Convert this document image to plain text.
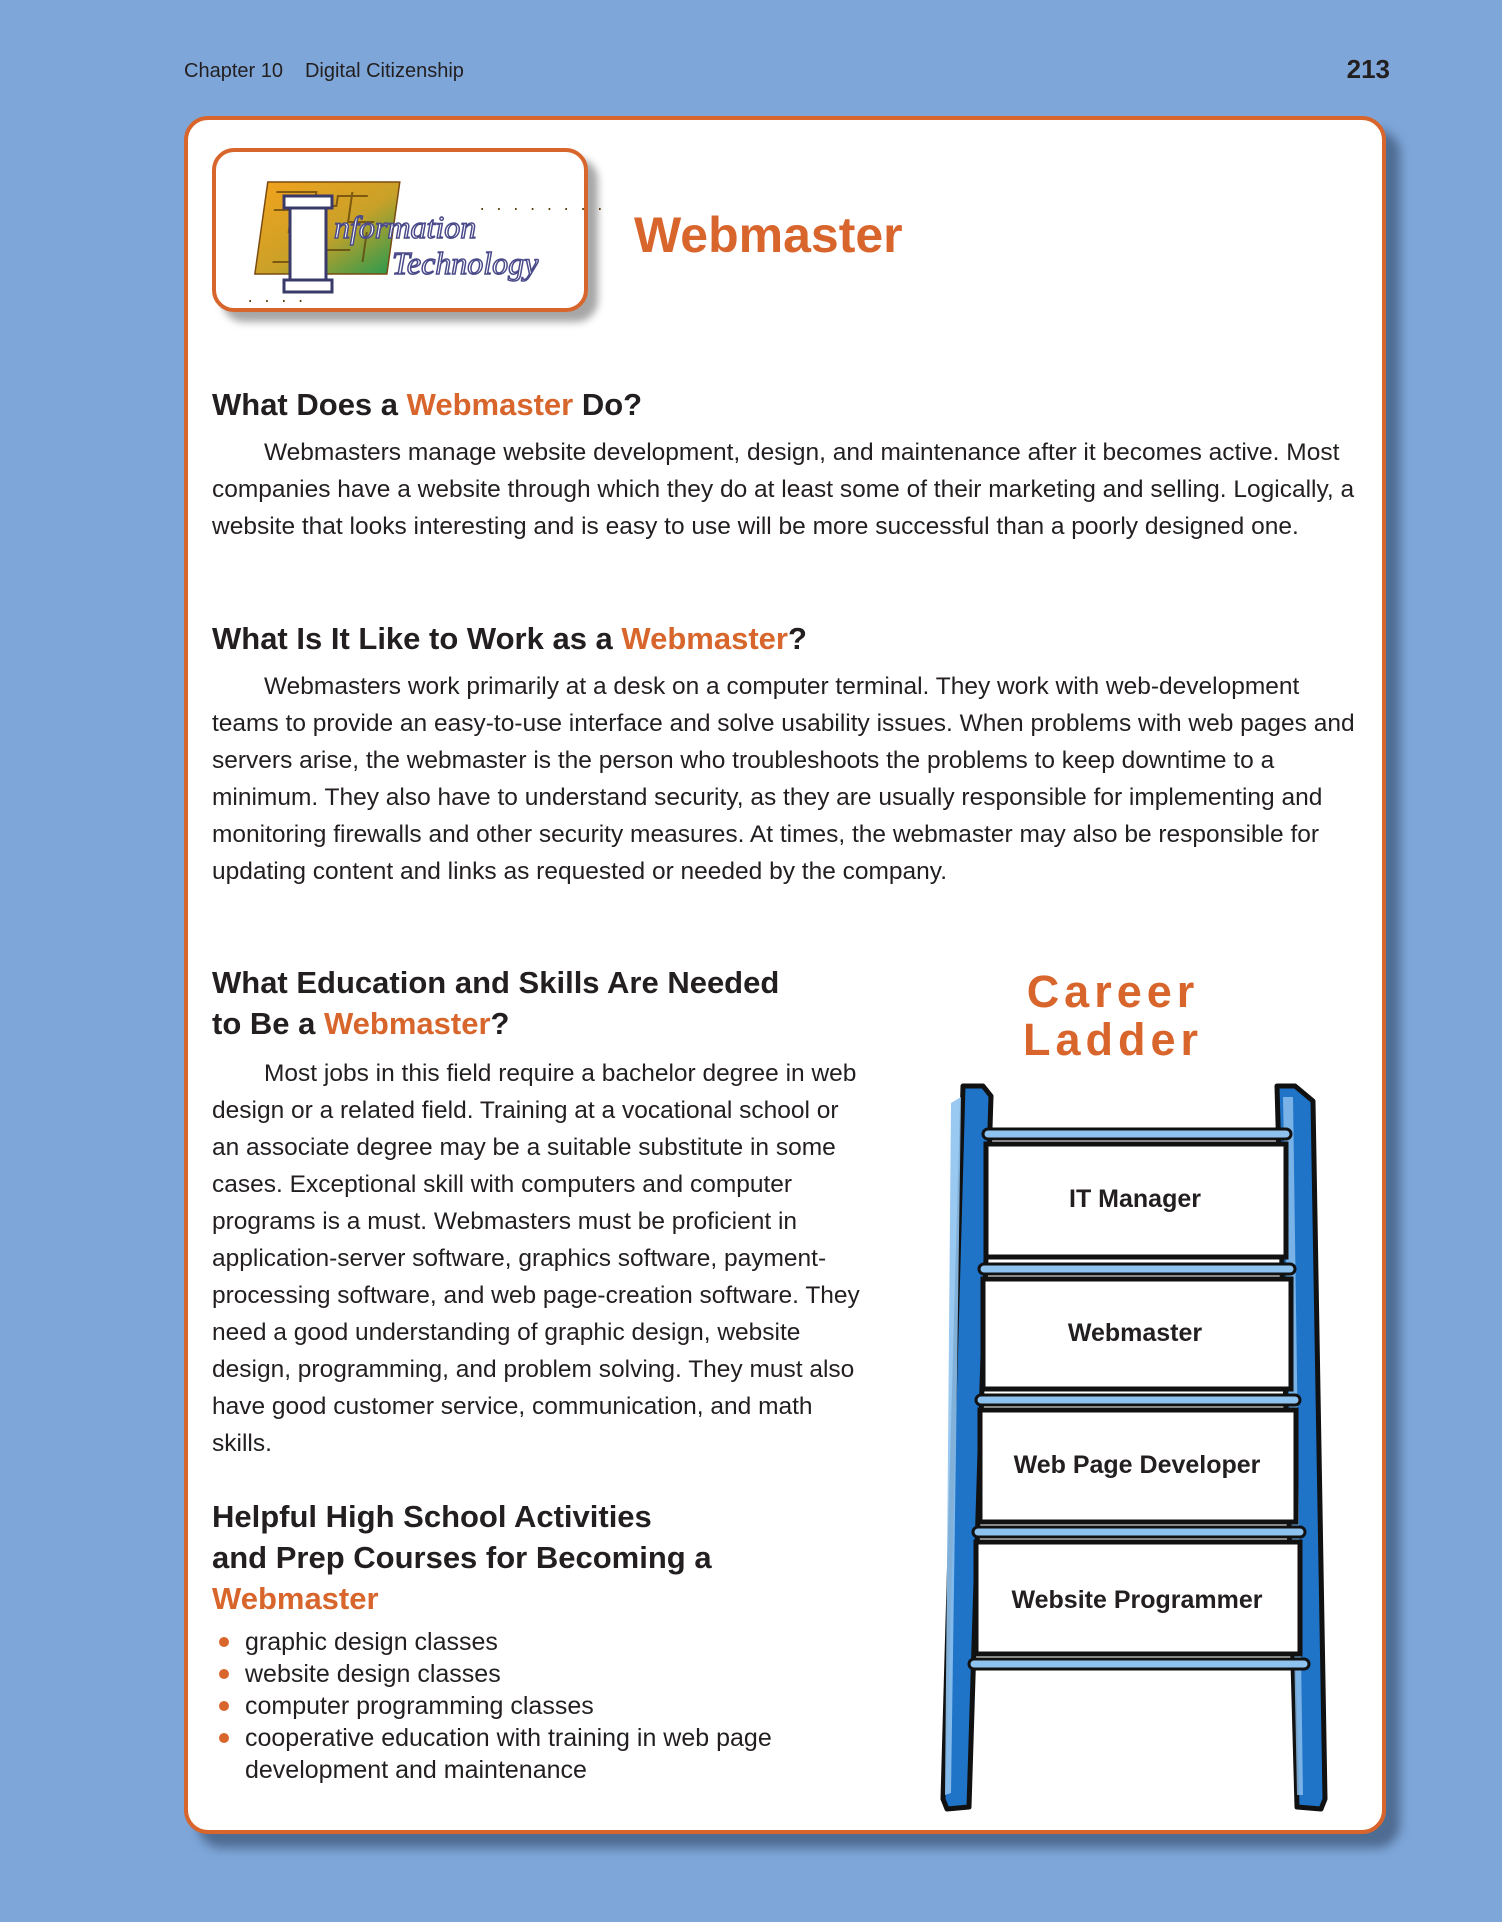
Chapter 10 Digital Citizenship	213
nformation
Technology
. . . . . . . .
. . . .
Webmaster
What Does a Webmaster Do?

Webmasters manage website development, design, and maintenance after it becomes active. Most companies have a website through which they do at least some of their marketing and selling. Logically, a website that looks interesting and is easy to use will be more successful than a poorly designed one.

What Is It Like to Work as a Webmaster?

Webmasters work primarily at a desk on a computer terminal. They work with web-development teams to provide an easy-to-use interface and solve usability issues. When problems with web pages and servers arise, the webmaster is the person who troubleshoots the problems to keep downtime to a minimum. They also have to understand security, as they are usually responsible for implementing and monitoring firewalls and other security measures. At times, the webmaster may also be responsible for updating content and links as requested or needed by the company.

What Education and Skills Are Needed
to Be a Webmaster?

Most jobs in this field require a bachelor degree in web design or a related field. Training at a vocational school or an associate degree may be a suitable substitute in some cases. Exceptional skill with computers and computer programs is a must. Webmasters must be proficient in application-server software, graphics software, payment-processing software, and web page-creation software. They need a good understanding of graphic design, website design, programming, and problem solving. They must also have good customer service, communication, and math skills.

Helpful High School Activities
and Prep Courses for Becoming a
Webmaster
graphic design classes
website design classes
computer programming classes
cooperative education with training in web page development and maintenance
Career
Ladder
IT Manager
Webmaster
Web Page Developer
Website Programmer
